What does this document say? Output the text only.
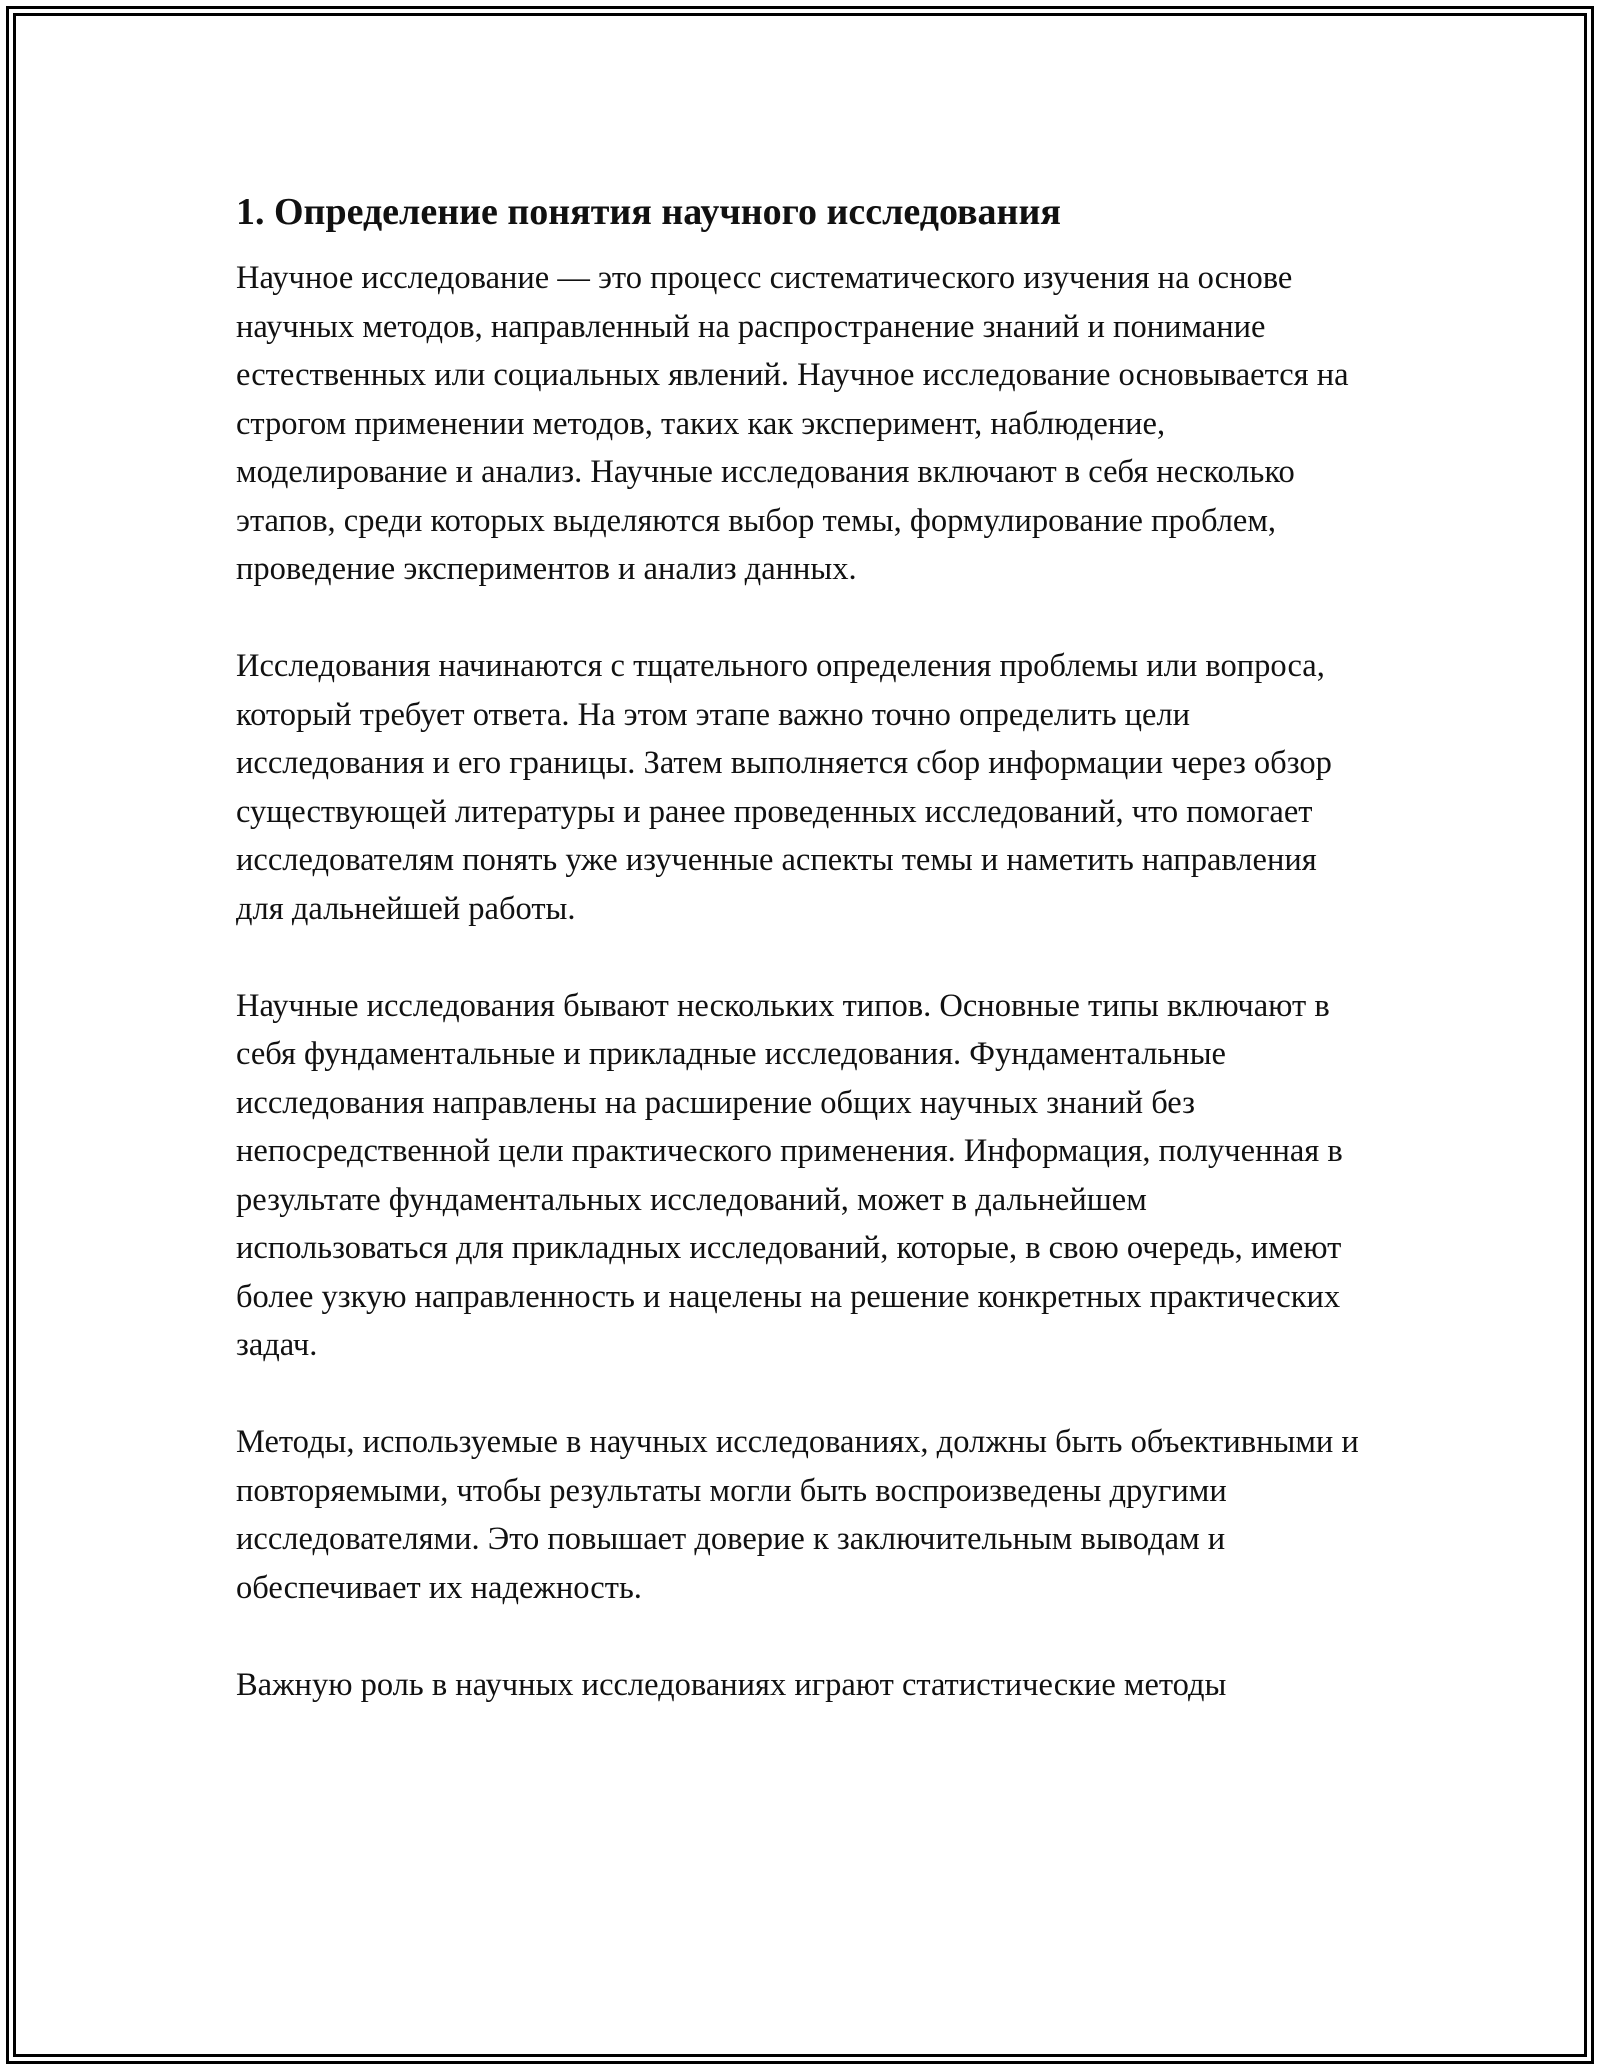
1. Определение понятия научного исследования

Научное исследование — это процесс систематического изучения на основе научных методов, направленный на распространение знаний и понимание естественных или социальных явлений. Научное исследование основывается на строгом применении методов, таких как эксперимент, наблюдение, моделирование и анализ. Научные исследования включают в себя несколько этапов, среди которых выделяются выбор темы, формулирование проблем, проведение экспериментов и анализ данных.

Исследования начинаются с тщательного определения проблемы или вопроса, который требует ответа. На этом этапе важно точно определить цели исследования и его границы. Затем выполняется сбор информации через обзор существующей литературы и ранее проведенных исследований, что помогает исследователям понять уже изученные аспекты темы и наметить направления для дальнейшей работы.

Научные исследования бывают нескольких типов. Основные типы включают в себя фундаментальные и прикладные исследования. Фундаментальные исследования направлены на расширение общих научных знаний без непосредственной цели практического применения. Информация, полученная в результате фундаментальных исследований, может в дальнейшем использоваться для прикладных исследований, которые, в свою очередь, имеют более узкую направленность и нацелены на решение конкретных практических задач.

Методы, используемые в научных исследованиях, должны быть объективными и повторяемыми, чтобы результаты могли быть воспроизведены другими исследователями. Это повышает доверие к заключительным выводам и обеспечивает их надежность.

Важную роль в научных исследованиях играют статистические методы
